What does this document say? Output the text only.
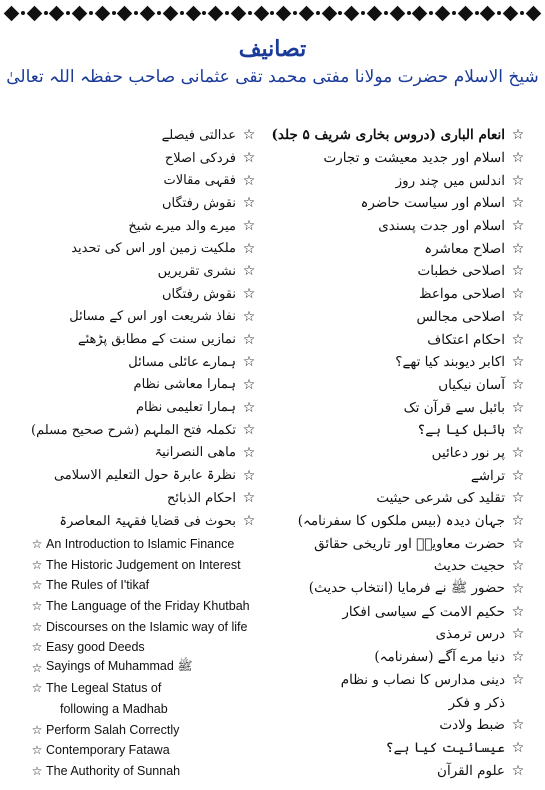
تصانیف
شیخ الاسلام حضرت مولانا مفتی محمد تقی عثمانی صاحب حفظہ اللہ تعالیٰ
☆
انعام الباری (دروس بخاری شریف ۵ جلد)
☆
اسلام اور جدید معیشت و تجارت
☆
اندلس میں چند روز
☆
اسلام اور سیاست حاضرہ
☆
اسلام اور جدت پسندی
☆
اصلاح معاشرہ
☆
اصلاحی خطبات
☆
اصلاحی مواعظ
☆
اصلاحی مجالس
☆
احکام اعتکاف
☆
اکابر دیوبند کیا تھے؟
☆
آسان نیکیاں
☆
بائبل سے قرآن تک
☆
بائبل کیا ہے؟
☆
پر نور دعائیں
☆
تراشے
☆
تقلید کی شرعی حیثیت
☆
جہان دیدہ (بیس ملکوں کا سفرنامہ)
☆
حضرت معاویہؓ اور تاریخی حقائق
☆
حجیت حدیث
☆
حضور ﷺ نے فرمایا (انتخاب حدیث)
☆
حکیم الامت کے سیاسی افکار
☆
درس ترمذی
☆
دنیا مرے آگے (سفرنامہ)
☆
دینی مدارس کا نصاب و نظام
ذکر و فکر
☆
ضبط ولادت
☆
عیسائیت کیا ہے؟
☆
علوم القرآن
☆
عدالتی فیصلے
☆
فردکی اصلاح
☆
فقہی مقالات
☆
نقوش رفتگاں
☆
میرے والد میرے شیخ
☆
ملکیت زمین اور اس کی تحدید
☆
نشری تقریریں
☆
نقوش رفتگاں
☆
نفاذ شریعت اور اس کے مسائل
☆
نمازیں سنت کے مطابق پڑھئے
☆
ہمارے عائلی مسائل
☆
ہمارا معاشی نظام
☆
ہمارا تعلیمی نظام
☆
تکملہ فتح الملہم (شرح صحیح مسلم)
☆
ماھی النصرانیۃ
☆
نظرۃ عابرۃ حول التعلیم الاسلامی
☆
احکام الذبائح
☆
بحوث فی قضایا فقہیۃ المعاصرۃ
☆ An Introduction to Islamic Finance
☆ The Historic Judgement on Interest
☆ The Rules of I'tikaf
☆ The Language of the Friday Khutbah
☆ Discourses on the Islamic way of life
☆ Easy good Deeds
☆ Sayings of Muhammad ﷺ
☆ The Legeal Status of
following a Madhab
☆ Perform Salah Correctly
☆ Contemporary Fatawa
☆ The Authority of Sunnah
